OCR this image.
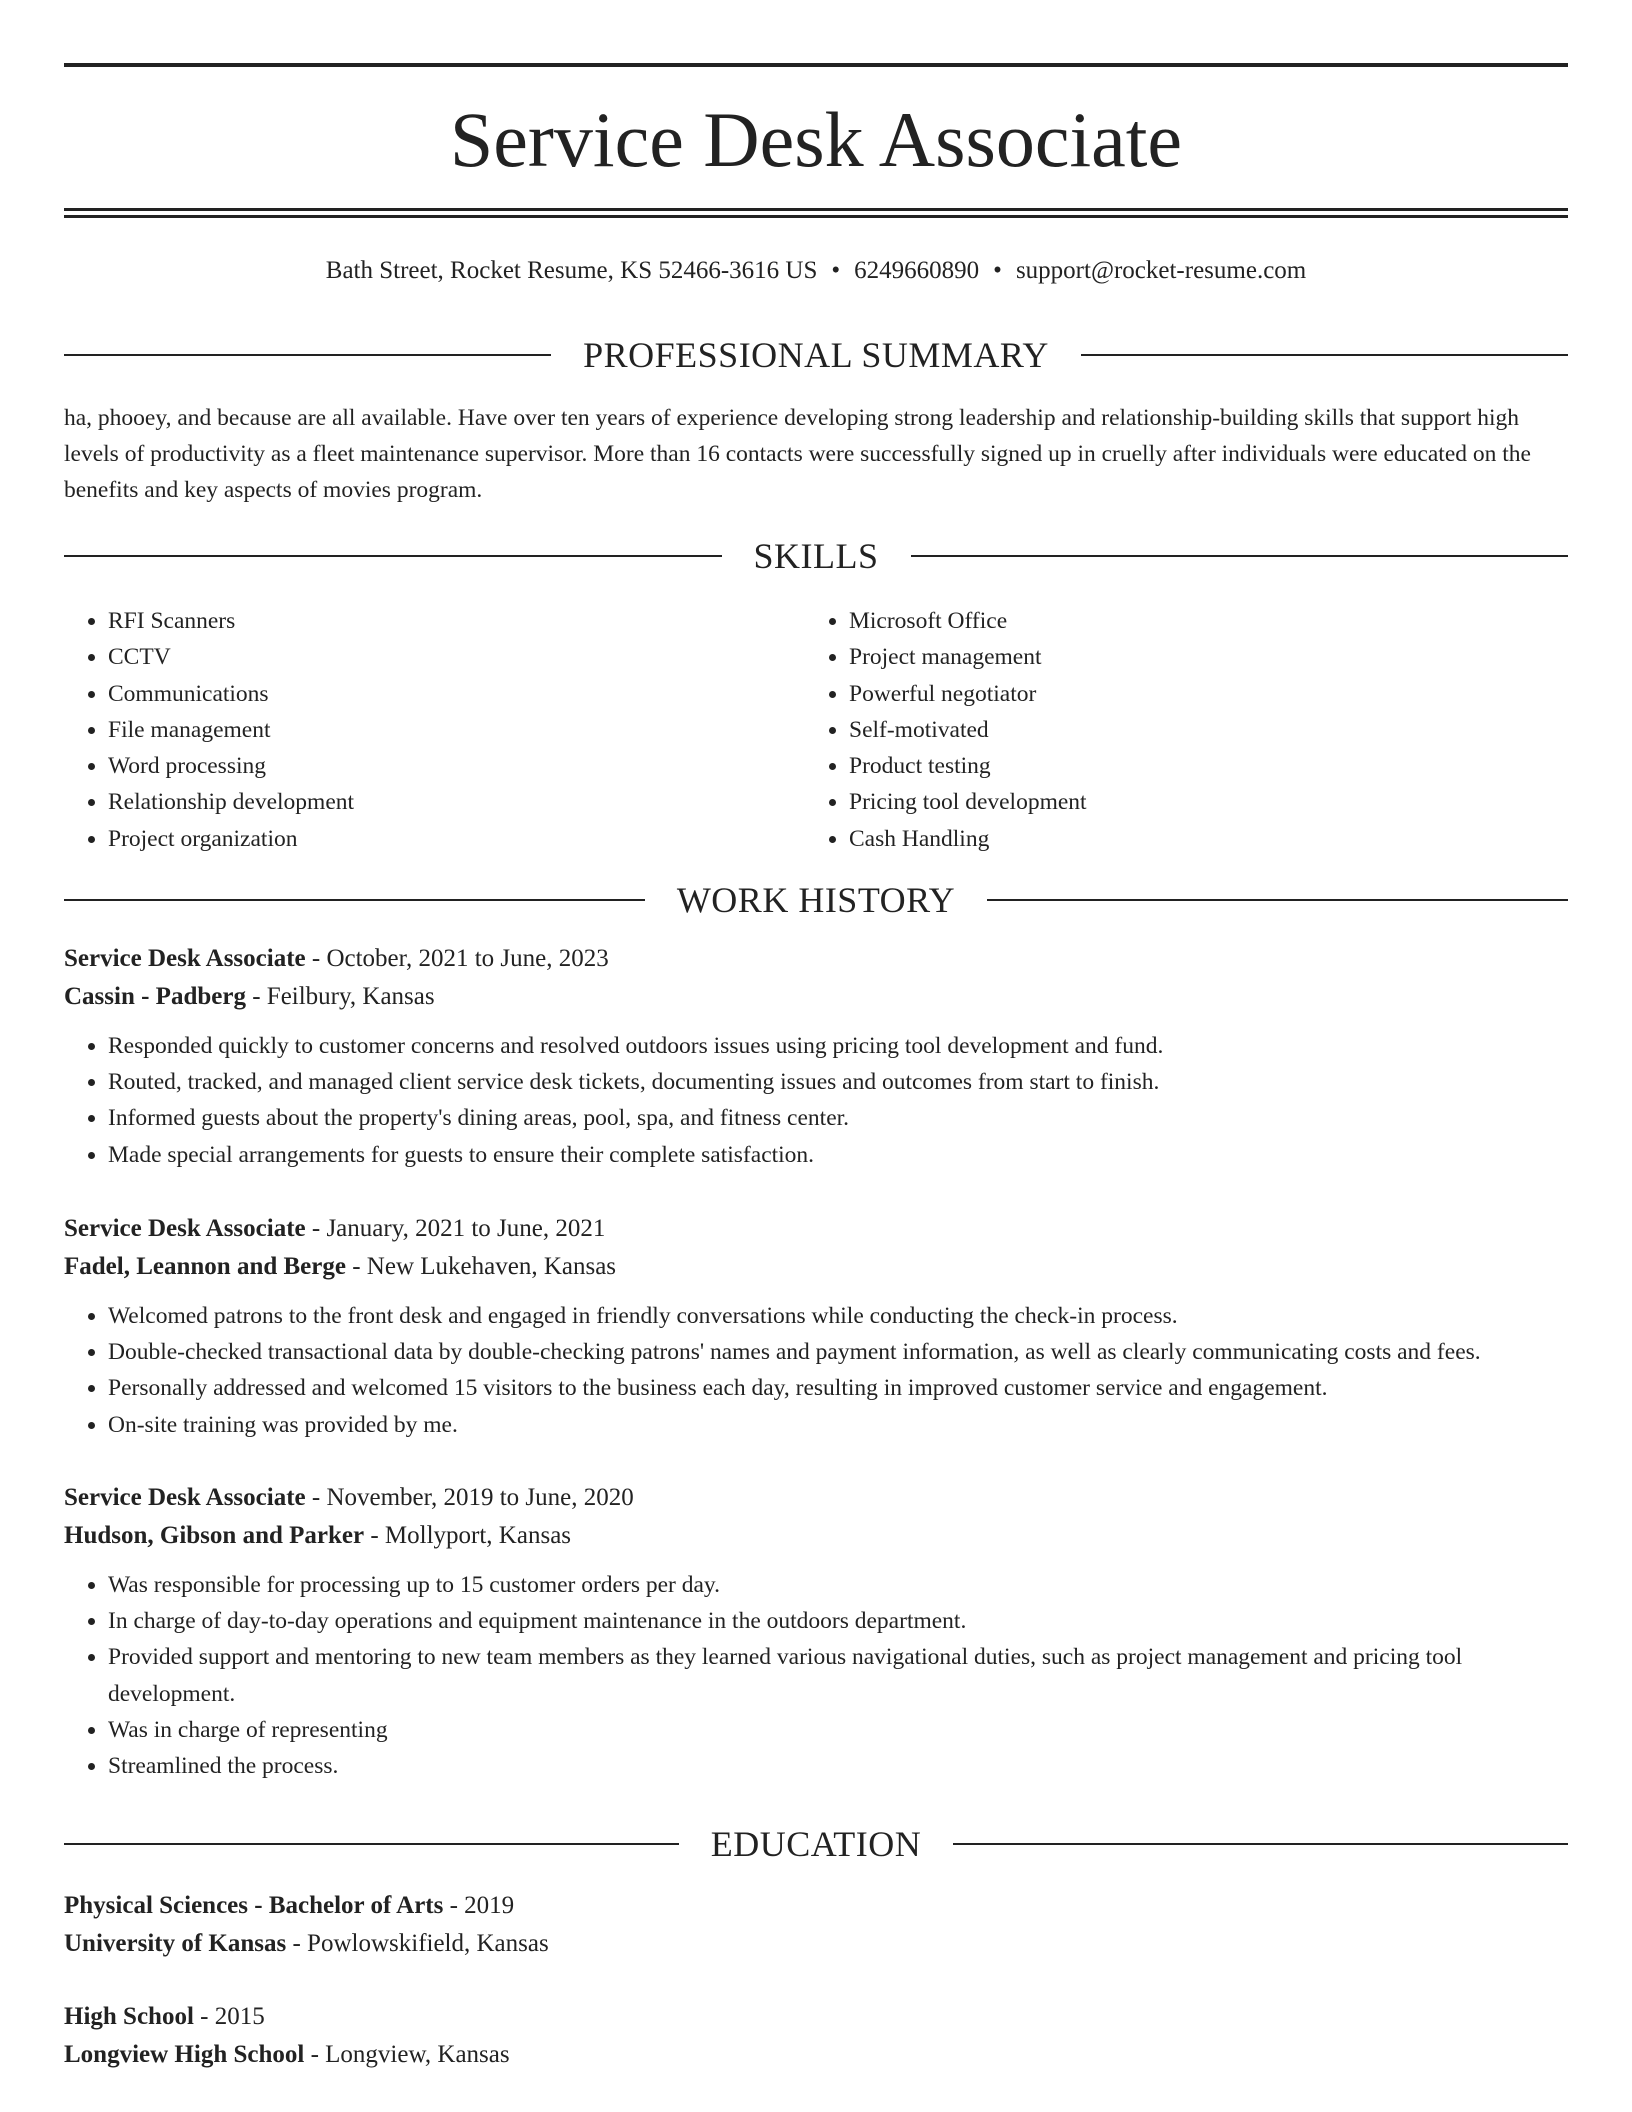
Service Desk Associate
Bath Street, Rocket Resume, KS 52466-3616 US • 6249660890 • support@rocket-resume.com
PROFESSIONAL SUMMARY

ha, phooey, and because are all available. Have over ten years of experience developing strong leadership and relationship-building skills that support high levels of productivity as a fleet maintenance supervisor. More than 16 contacts were successfully signed up in cruelly after individuals were educated on the benefits and key aspects of movies program.

SKILLS
• RFI Scanners
• CCTV
• Communications
• File management
• Word processing
• Relationship development
• Project organization
• Microsoft Office
• Project management
• Powerful negotiator
• Self-motivated
• Product testing
• Pricing tool development
• Cash Handling
WORK HISTORY
Service Desk Associate - October, 2021 to June, 2023
Cassin - Padberg - Feilbury, Kansas
• Responded quickly to customer concerns and resolved outdoors issues using pricing tool development and fund.
• Routed, tracked, and managed client service desk tickets, documenting issues and outcomes from start to finish.
• Informed guests about the property's dining areas, pool, spa, and fitness center.
• Made special arrangements for guests to ensure their complete satisfaction.
Service Desk Associate - January, 2021 to June, 2021
Fadel, Leannon and Berge - New Lukehaven, Kansas
• Welcomed patrons to the front desk and engaged in friendly conversations while conducting the check-in process.
• Double-checked transactional data by double-checking patrons' names and payment information, as well as clearly communicating costs and fees.
• Personally addressed and welcomed 15 visitors to the business each day, resulting in improved customer service and engagement.
• On-site training was provided by me.
Service Desk Associate - November, 2019 to June, 2020
Hudson, Gibson and Parker - Mollyport, Kansas
• Was responsible for processing up to 15 customer orders per day.
• In charge of day-to-day operations and equipment maintenance in the outdoors department.
• Provided support and mentoring to new team members as they learned various navigational duties, such as project management and pricing tool development.
• Was in charge of representing
• Streamlined the process.
EDUCATION
Physical Sciences - Bachelor of Arts - 2019
University of Kansas - Powlowskifield, Kansas
High School - 2015
Longview High School - Longview, Kansas
